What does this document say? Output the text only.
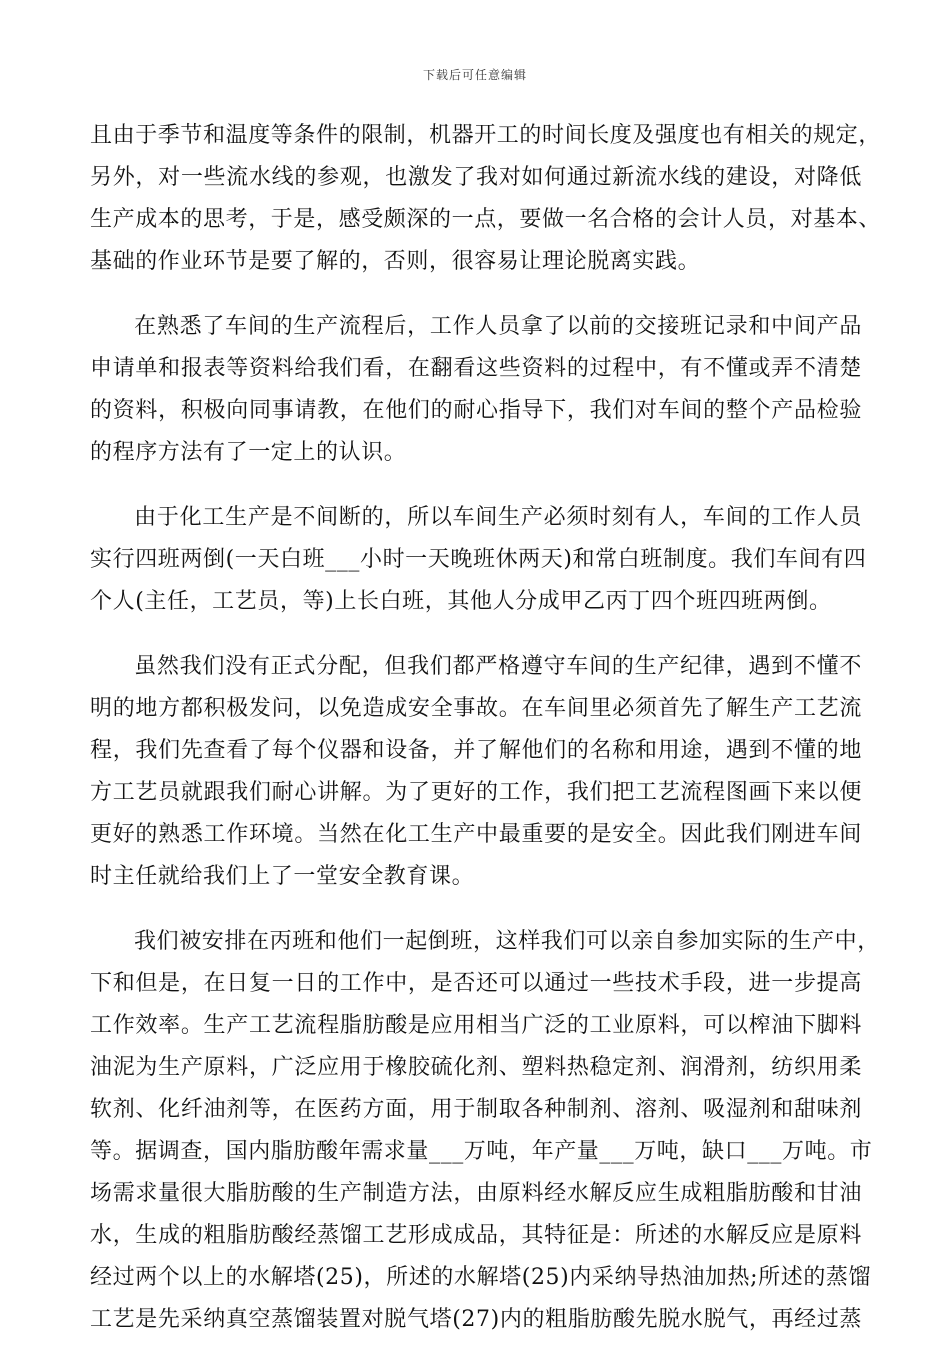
下载后可任意编辑

且由于季节和温度等条件的限制，机器开工的时间长度及强度也有相关的规定，
另外，对一些流水线的参观，也激发了我对如何通过新流水线的建设，对降低
生产成本的思考，于是，感受颇深的一点，要做一名合格的会计人员，对基本、
基础的作业环节是要了解的，否则，很容易让理论脱离实践。

在熟悉了车间的生产流程后，工作人员拿了以前的交接班记录和中间产品
申请单和报表等资料给我们看，在翻看这些资料的过程中，有不懂或弄不清楚
的资料，积极向同事请教，在他们的耐心指导下，我们对车间的整个产品检验
的程序方法有了一定上的认识。

由于化工生产是不间断的，所以车间生产必须时刻有人，车间的工作人员
实行四班两倒(一天白班___小时一天晚班休两天)和常白班制度。我们车间有四
个人(主任，工艺员，等)上长白班，其他人分成甲乙丙丁四个班四班两倒。

虽然我们没有正式分配，但我们都严格遵守车间的生产纪律，遇到不懂不
明的地方都积极发问，以免造成安全事故。在车间里必须首先了解生产工艺流
程，我们先查看了每个仪器和设备，并了解他们的名称和用途，遇到不懂的地
方工艺员就跟我们耐心讲解。为了更好的工作，我们把工艺流程图画下来以便
更好的熟悉工作环境。当然在化工生产中最重要的是安全。因此我们刚进车间
时主任就给我们上了一堂安全教育课。

我们被安排在丙班和他们一起倒班，这样我们可以亲自参加实际的生产中，
下和但是，在日复一日的工作中，是否还可以通过一些技术手段，进一步提高
工作效率。生产工艺流程脂肪酸是应用相当广泛的工业原料，可以榨油下脚料
油泥为生产原料，广泛应用于橡胶硫化剂、塑料热稳定剂、润滑剂，纺织用柔
软剂、化纤油剂等，在医药方面，用于制取各种制剂、溶剂、吸湿剂和甜味剂
等。据调查，国内脂肪酸年需求量___万吨，年产量___万吨，缺口___万吨。市
场需求量很大脂肪酸的生产制造方法，由原料经水解反应生成粗脂肪酸和甘油
水，生成的粗脂肪酸经蒸馏工艺形成成品，其特征是：所述的水解反应是原料
经过两个以上的水解塔(25)，所述的水解塔(25)内采纳导热油加热;所述的蒸馏
工艺是先采纳真空蒸馏装置对脱气塔(27)内的粗脂肪酸先脱水脱气，再经过蒸
